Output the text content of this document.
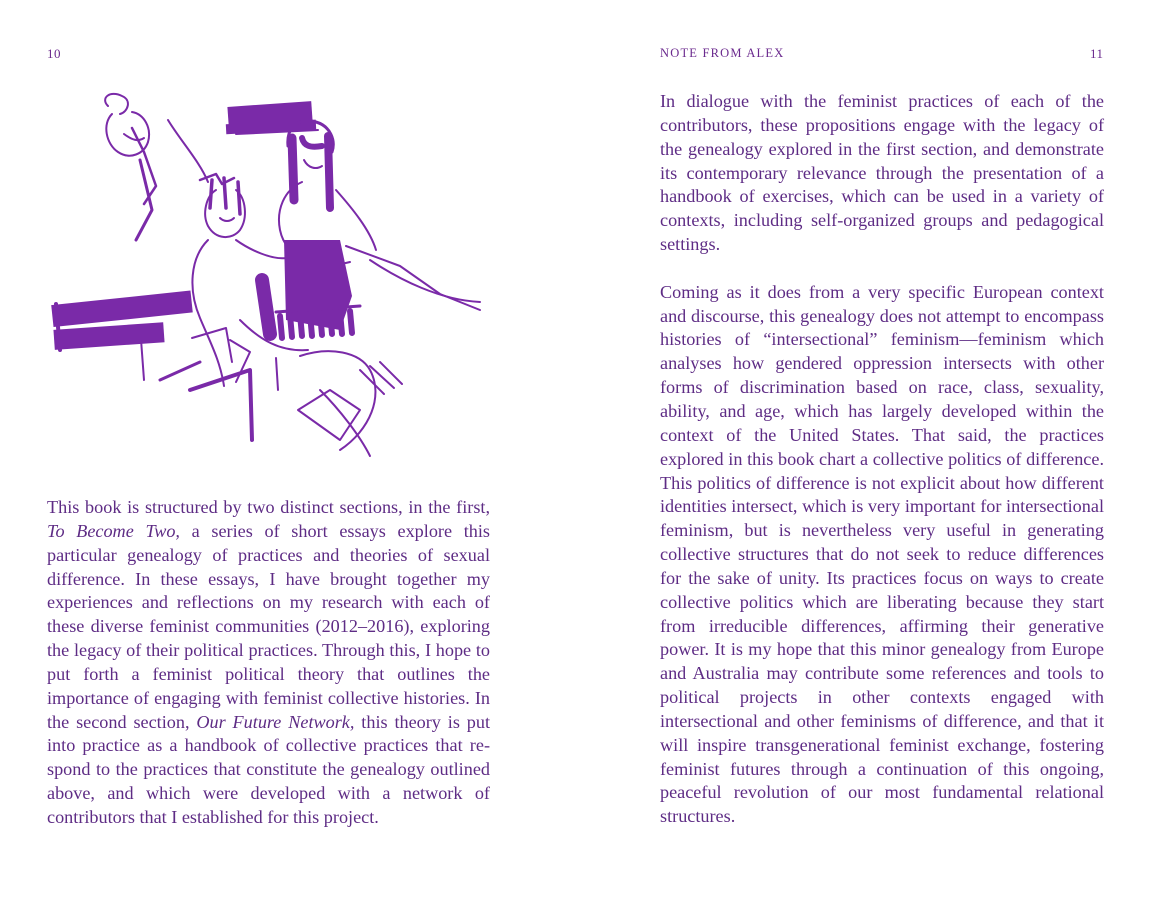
10

This book is structured by two distinct sections, in the first, To Become Two, a series of short essays explore this particular genealogy of practices and theories of sexual difference. In these essays, I have brought together my experiences and reflections on my research with each of these diverse feminist communities (2012–2016), exploring the legacy of their political practices. Through this, I hope to put forth a feminist political theory that outlines the importance of engaging with feminist collective histories. In the second section, Our Future Network, this theory is put into practice as a handbook of collective practices that respond to the practices that constitute the genealogy outlined above, and which were developed with a network of contributors that I established for this project.

NOTE FROM ALEX	11

In dialogue with the feminist practices of each of the contributors, these propositions engage with the legacy of the genealogy explored in the first section, and demonstrate its contemporary relevance through the presentation of a handbook of exercises, which can be used in a variety of contexts, including self-organized groups and pedagogical settings.

Coming as it does from a very specific European context and discourse, this genealogy does not attempt to encompass histories of “intersectional” feminism—feminism which analyses how gendered oppression intersects with other forms of discrimination based on race, class, sexuality, ability, and age, which has largely developed within the context of the United States. That said, the practices explored in this book chart a collective politics of difference. This politics of difference is not explicit about how different identities intersect, which is very important for intersectional feminism, but is nevertheless very useful in generating collective structures that do not seek to reduce differences for the sake of unity. Its practices focus on ways to create collective politics which are liberating because they start from irreducible differences, affirming their generative power. It is my hope that this minor genealogy from Europe and Australia may contribute some references and tools to political projects in other contexts engaged with intersectional and other feminisms of difference, and that it will inspire transgenerational feminist exchange, fostering feminist futures through a continuation of this ongoing, peaceful revolution of our most fundamental relational structures.
